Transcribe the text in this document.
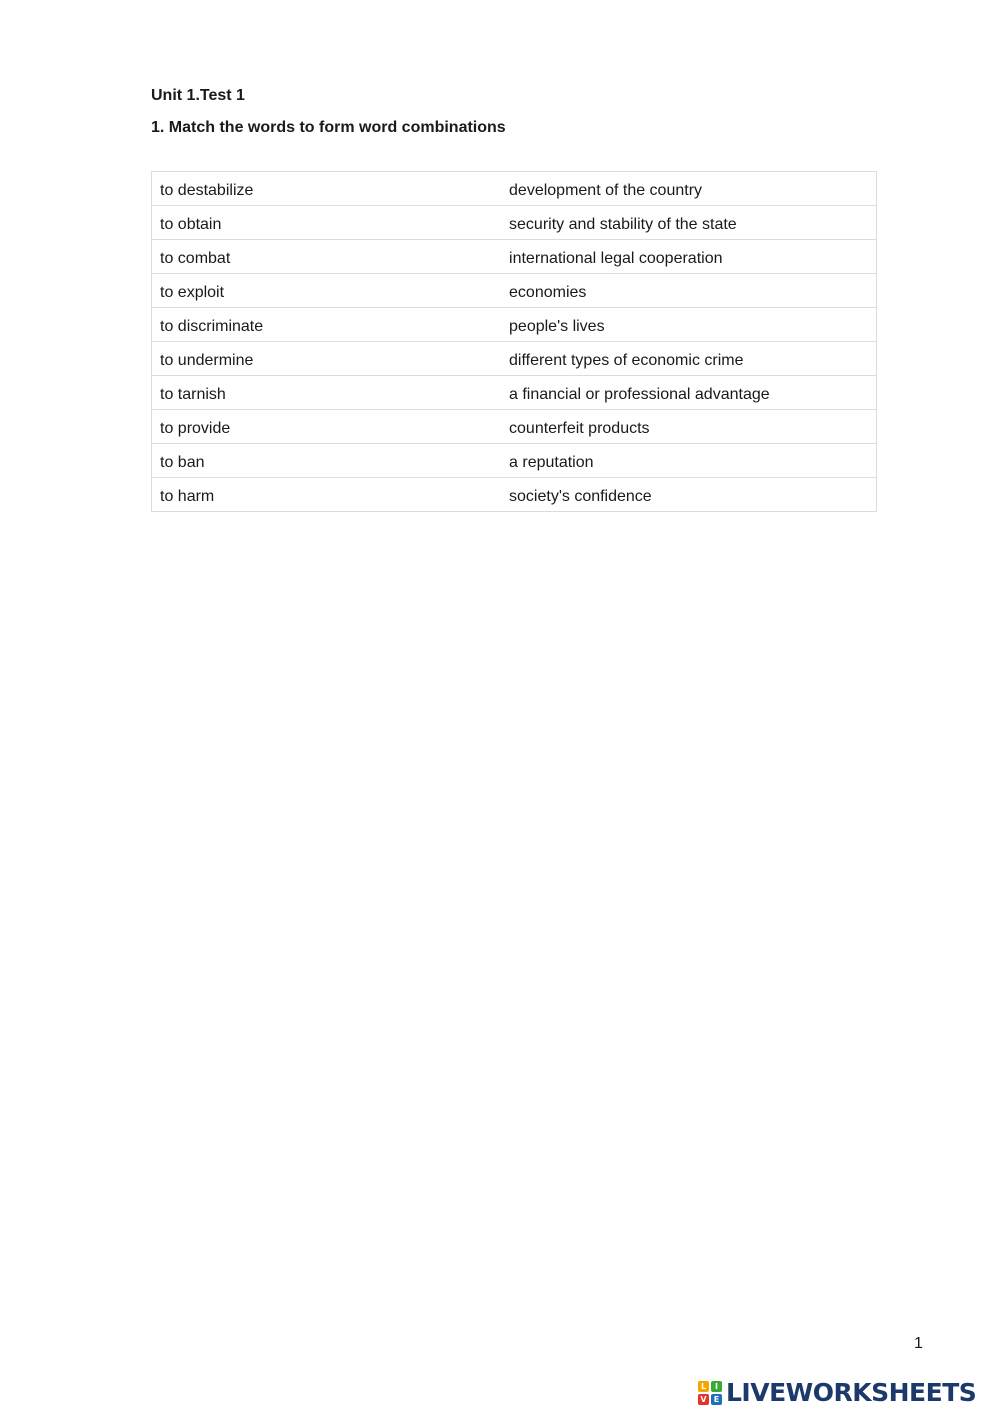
Unit 1.Test 1
1. Match the words to form word combinations
to destabilize	development of the country
to obtain	security and stability of the state
to combat	international legal cooperation
to exploit	economies
to discriminate	people's lives
to undermine	different types of economic crime
to tarnish	a financial or professional advantage
to provide	counterfeit products
to ban	a reputation
to harm	society's confidence
1
L	I
V E LIVEWORKSHEETS
